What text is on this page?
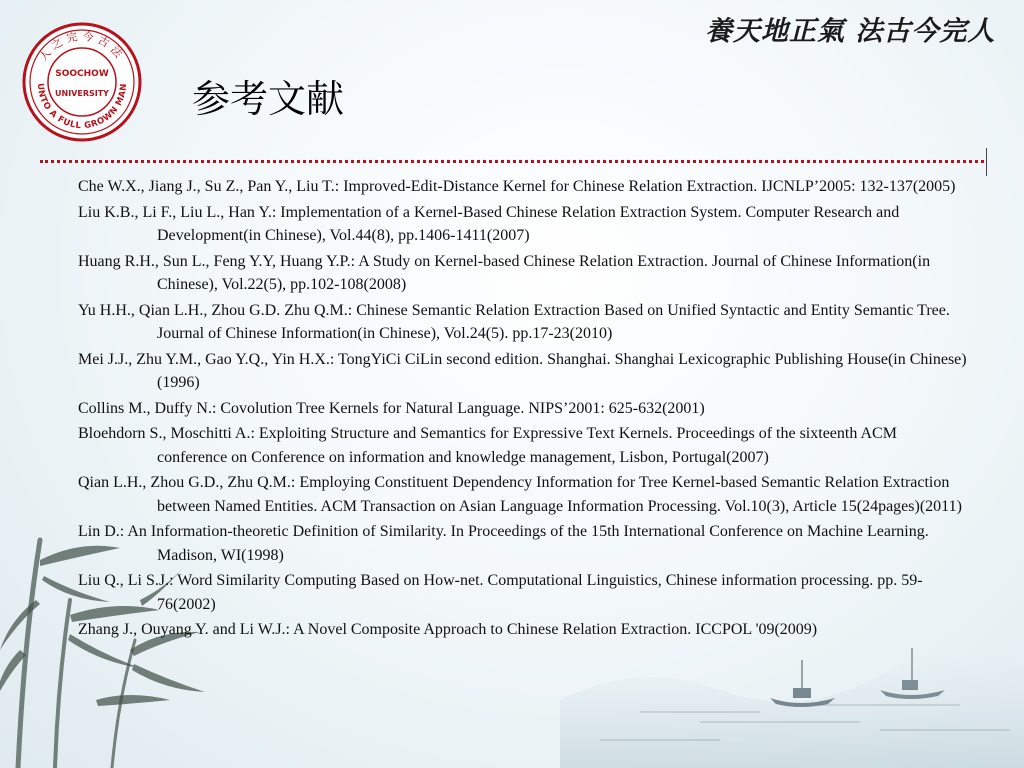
人之完今古法
UNTO A FULL GROWN MAN
SOOCHOW
UNIVERSITY
養天地正氣 法古今完人
参考文献
Che W.X., Jiang J., Su Z., Pan Y., Liu T.: Improved-Edit-Distance Kernel for Chinese Relation Extraction. IJCNLP’2005: 132-137(2005)
Liu K.B., Li F., Liu L., Han Y.: Implementation of a Kernel-Based Chinese Relation Extraction System. Computer Research and Development(in Chinese), Vol.44(8), pp.1406-1411(2007)
Huang R.H., Sun L., Feng Y.Y, Huang Y.P.: A Study on Kernel-based Chinese Relation Extraction. Journal of Chinese Information(in Chinese), Vol.22(5), pp.102-108(2008)
Yu H.H., Qian L.H., Zhou G.D. Zhu Q.M.: Chinese Semantic Relation Extraction Based on Unified Syntactic and Entity Semantic Tree. Journal of Chinese Information(in Chinese), Vol.24(5). pp.17-23(2010)
Mei J.J., Zhu Y.M., Gao Y.Q., Yin H.X.: TongYiCi CiLin second edition. Shanghai. Shanghai Lexicographic Publishing House(in Chinese)(1996)
Collins M., Duffy N.: Covolution Tree Kernels for Natural Language. NIPS’2001: 625-632(2001)
Bloehdorn S., Moschitti A.: Exploiting Structure and Semantics for Expressive Text Kernels. Proceedings of the sixteenth ACM conference on Conference on information and knowledge management, Lisbon, Portugal(2007)
Qian L.H., Zhou G.D., Zhu Q.M.: Employing Constituent Dependency Information for Tree Kernel-based Semantic Relation Extraction between Named Entities. ACM Transaction on Asian Language Information Processing. Vol.10(3), Article 15(24pages)(2011)
Lin D.: An Information-theoretic Definition of Similarity. In Proceedings of the 15th International Conference on Machine Learning. Madison, WI(1998)
Liu Q., Li S.J.: Word Similarity Computing Based on How-net. Computational Linguistics, Chinese information processing. pp. 59-76(2002)
Zhang J., Ouyang Y. and Li W.J.: A Novel Composite Approach to Chinese Relation Extraction. ICCPOL '09(2009)
